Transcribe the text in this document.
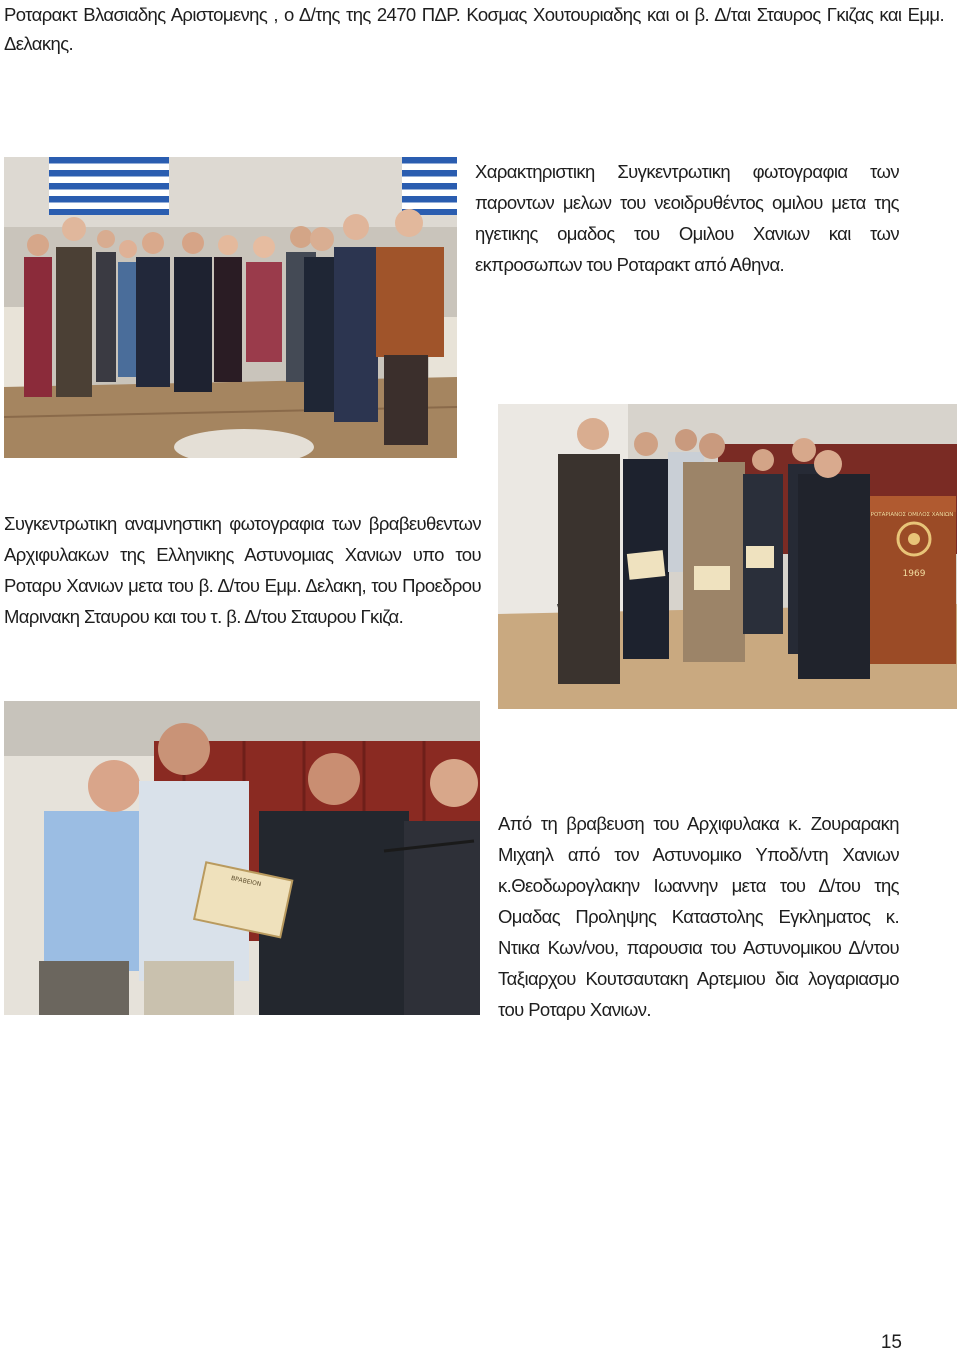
Ροταρακτ Βλασιαδης Αριστομενης , ο Δ/της της 2470 ΠΔΡ. Κοσμας Χουτουριαδης και οι β. Δ/ται Σταυρος Γκιζας και Εμμ. Δελακης.
Χαρακτηριστικη Συγκεντρωτικη φωτογραφια των παροντων μελων του νεοιδρυθέντος ομιλου μετα της ηγετικης ομαδος του Ομιλου Χανιων και των εκπροσωπων του Ροταρακτ από Αθηνα.
ΡΟΤΑΡΙΑΝΟΣ ΟΜΙΛΟΣ ΧΑΝΙΩΝ
1969
Συγκεντρωτικη αναμνηστικη φωτογραφια των βραβευθεντων Αρχιφυλακων της Ελληνικης Αστυνομιας Χανιων υπο του Ροταρυ Χανιων μετα του β. Δ/του Εμμ. Δελακη, του Προεδρου Μαρινακη Σταυρου και του τ. β. Δ/του Σταυρου Γκιζα.
ΒΡΑΒΕΙΟΝ
Από τη βραβευση του Αρχιφυλακα κ. Ζουραρακη Μιχαηλ από τον Αστυνομικο Υποδ/ντη Χανιων κ.Θεοδωρογλακην Ιωαννην μετα του Δ/του της Ομαδας Προληψης Καταστολης Εγκληματος κ. Ντικα Κων/νου, παρουσια του Αστυνομικου Δ/ντου Ταξιαρχου Κουτσαυτακη Αρτεμιου δια λογαριασμο του Ροταρυ Χανιων.
15
